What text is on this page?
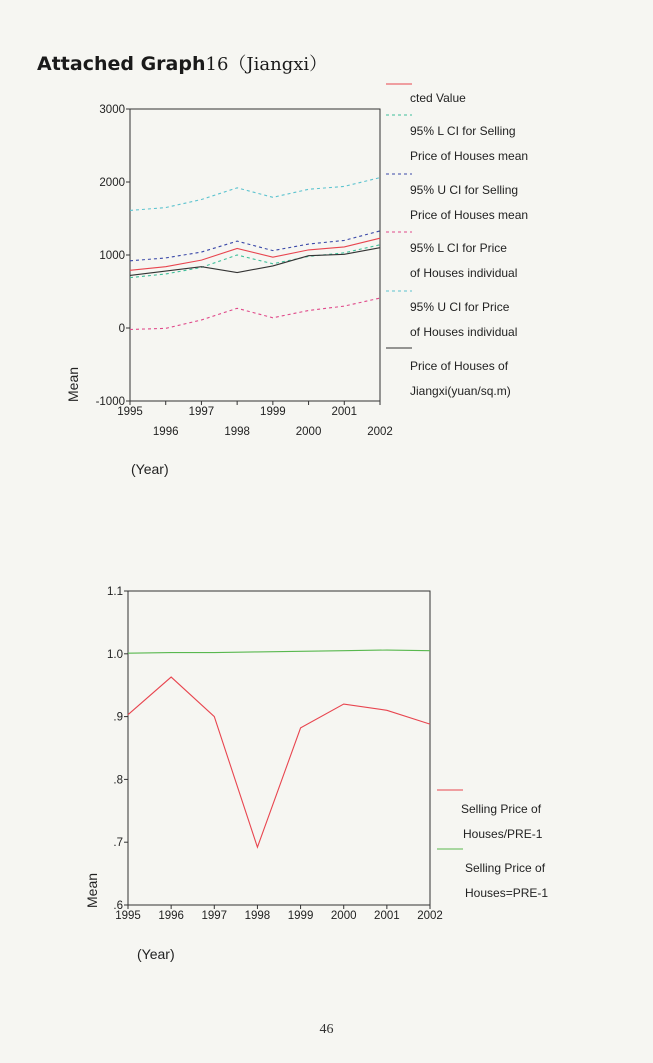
Attached Graph16（Jiangxi）
3000
2000
1000
0
-1000
1995	1997	1999	2001
1996	1998	2000	2002
Mean
(Year)
cted Value
95% L CI for Selling
Price of Houses mean
95% U CI for Selling
Price of Houses mean
95% L CI for Price
of Houses individual
95% U CI for Price
of Houses individual
Price of Houses of
Jiangxi(yuan/sq.m)
1.1
1.0
.9
.8
.7
.6
1995 1996 1997 1998 1999 2000 2001 2002
Mean
(Year)
Selling Price of
Houses/PRE-1
Selling Price of
Houses=PRE-1
46
